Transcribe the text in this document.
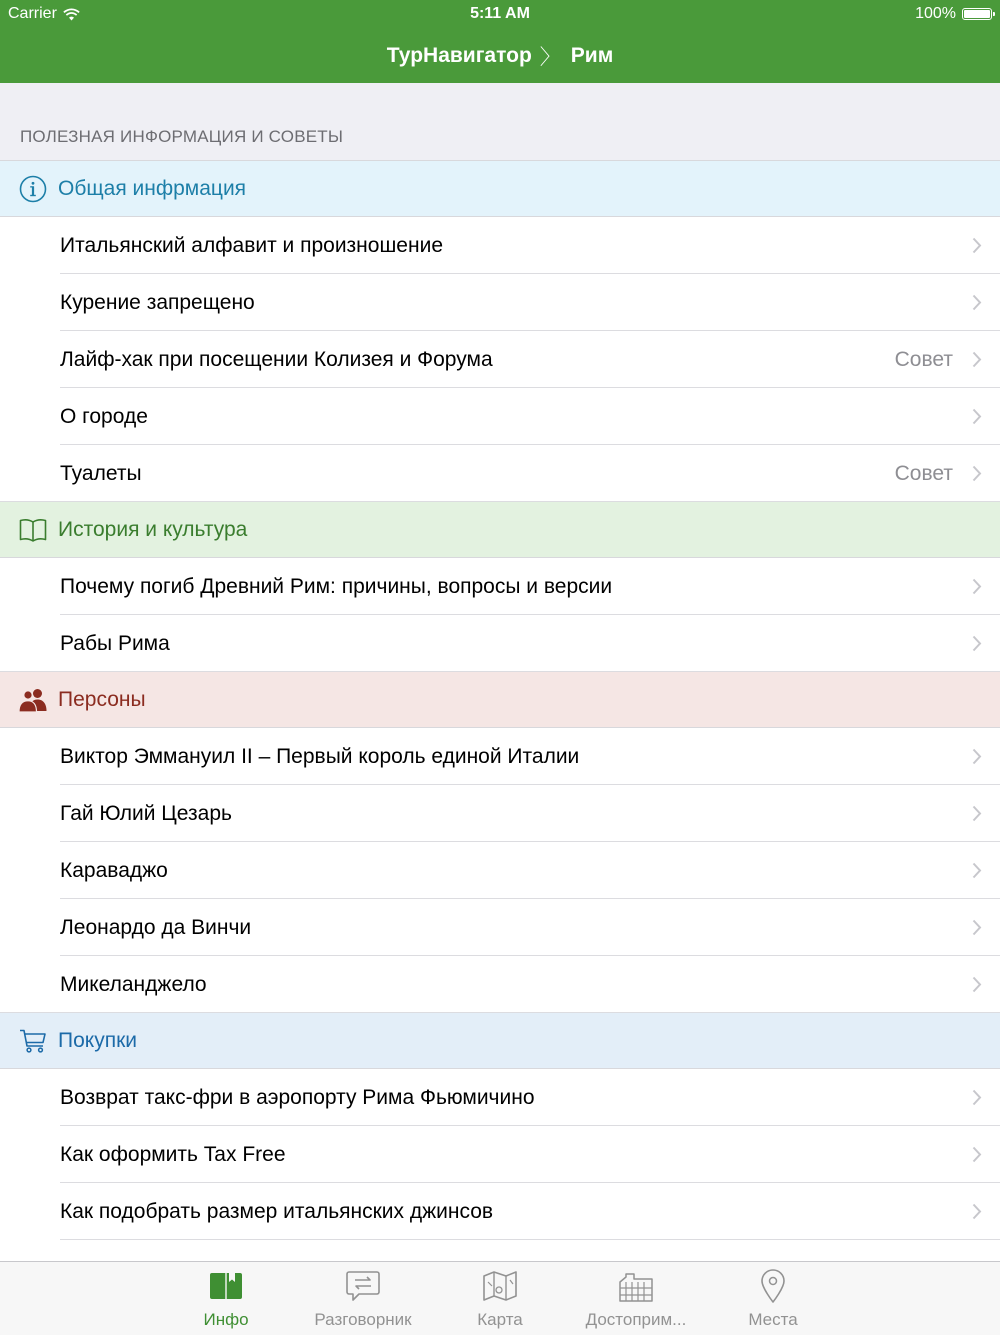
Carrier	5:11 AM	100%
ТурНавигатор 〉 Рим
ПОЛЕЗНАЯ ИНФОРМАЦИЯ И СОВЕТЫ
Общая инфрмация
Итальянский алфавит и произношение
Курение запрещено
Лайф-хак при посещении Колизея и Форума	Совет
О городе
Туалеты	Совет
История и культура
Почему погиб Древний Рим: причины, вопросы и версии
Рабы Рима
Персоны
Виктор Эммануил II – Первый король единой Италии
Гай Юлий Цезарь
Караваджо
Леонардо да Винчи
Микеланджело
Покупки
Возврат такс-фри в аэропорту Рима Фьюмичино
Как оформить Tax Free
Как подобрать размер итальянских джинсов
Инфо	Разговорник	Карта	Достоприм...	Места
